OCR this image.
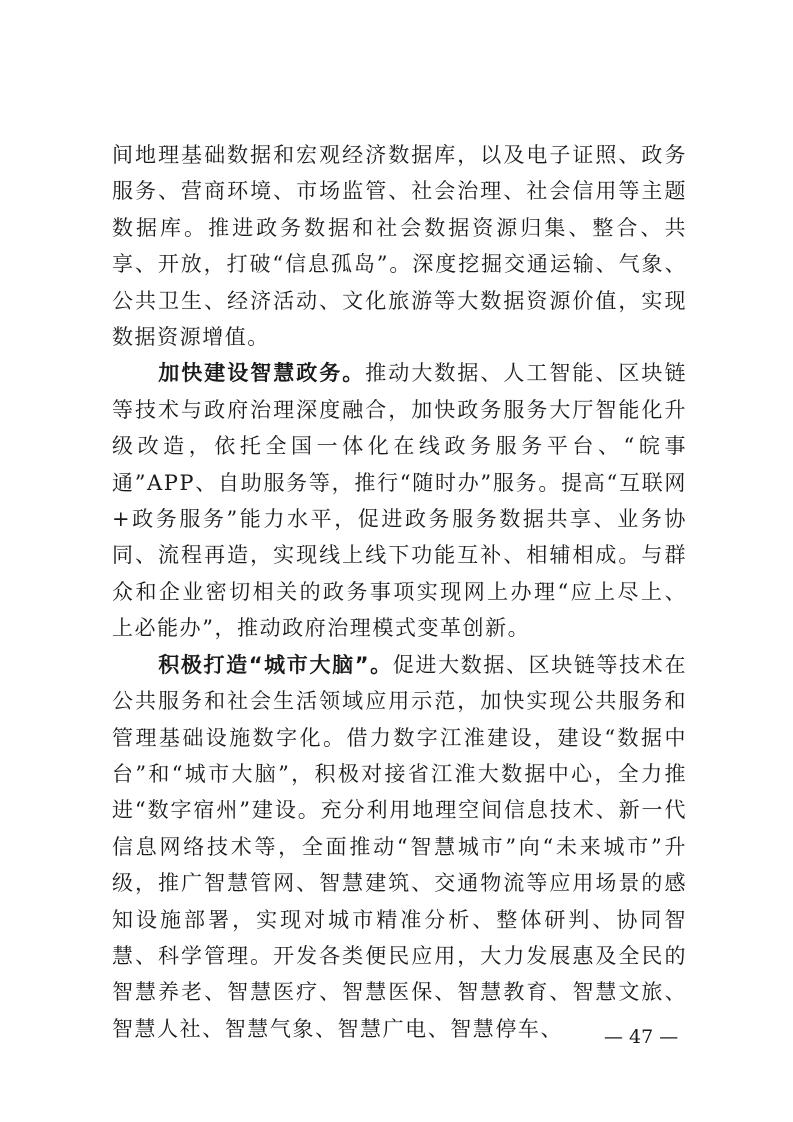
间地理基础数据和宏观经济数据库，以及电子证照、政务服务、营商环境、市场监管、社会治理、社会信用等主题数据库。推进政务数据和社会数据资源归集、整合、共享、开放，打破“信息孤岛”。深度挖掘交通运输、气象、公共卫生、经济活动、文化旅游等大数据资源价值，实现数据资源增值。

加快建设智慧政务。推动大数据、人工智能、区块链等技术与政府治理深度融合，加快政务服务大厅智能化升级改造，依托全国一体化在线政务服务平台、“皖事通”APP、自助服务等，推行“随时办”服务。提高“互联网+政务服务”能力水平，促进政务服务数据共享、业务协同、流程再造，实现线上线下功能互补、相辅相成。与群众和企业密切相关的政务事项实现网上办理“应上尽上、上必能办”，推动政府治理模式变革创新。

积极打造“城市大脑”。促进大数据、区块链等技术在公共服务和社会生活领域应用示范，加快实现公共服务和管理基础设施数字化。借力数字江淮建设，建设“数据中台”和“城市大脑”，积极对接省江淮大数据中心，全力推进“数字宿州”建设。充分利用地理空间信息技术、新一代信息网络技术等，全面推动“智慧城市”向“未来城市”升级，推广智慧管网、智慧建筑、交通物流等应用场景的感知设施部署，实现对城市精准分析、整体研判、协同智慧、科学管理。开发各类便民应用，大力发展惠及全民的智慧养老、智慧医疗、智慧医保、智慧教育、智慧文旅、智慧人社、智慧气象、智慧广电、智慧停车、	— 47 —
